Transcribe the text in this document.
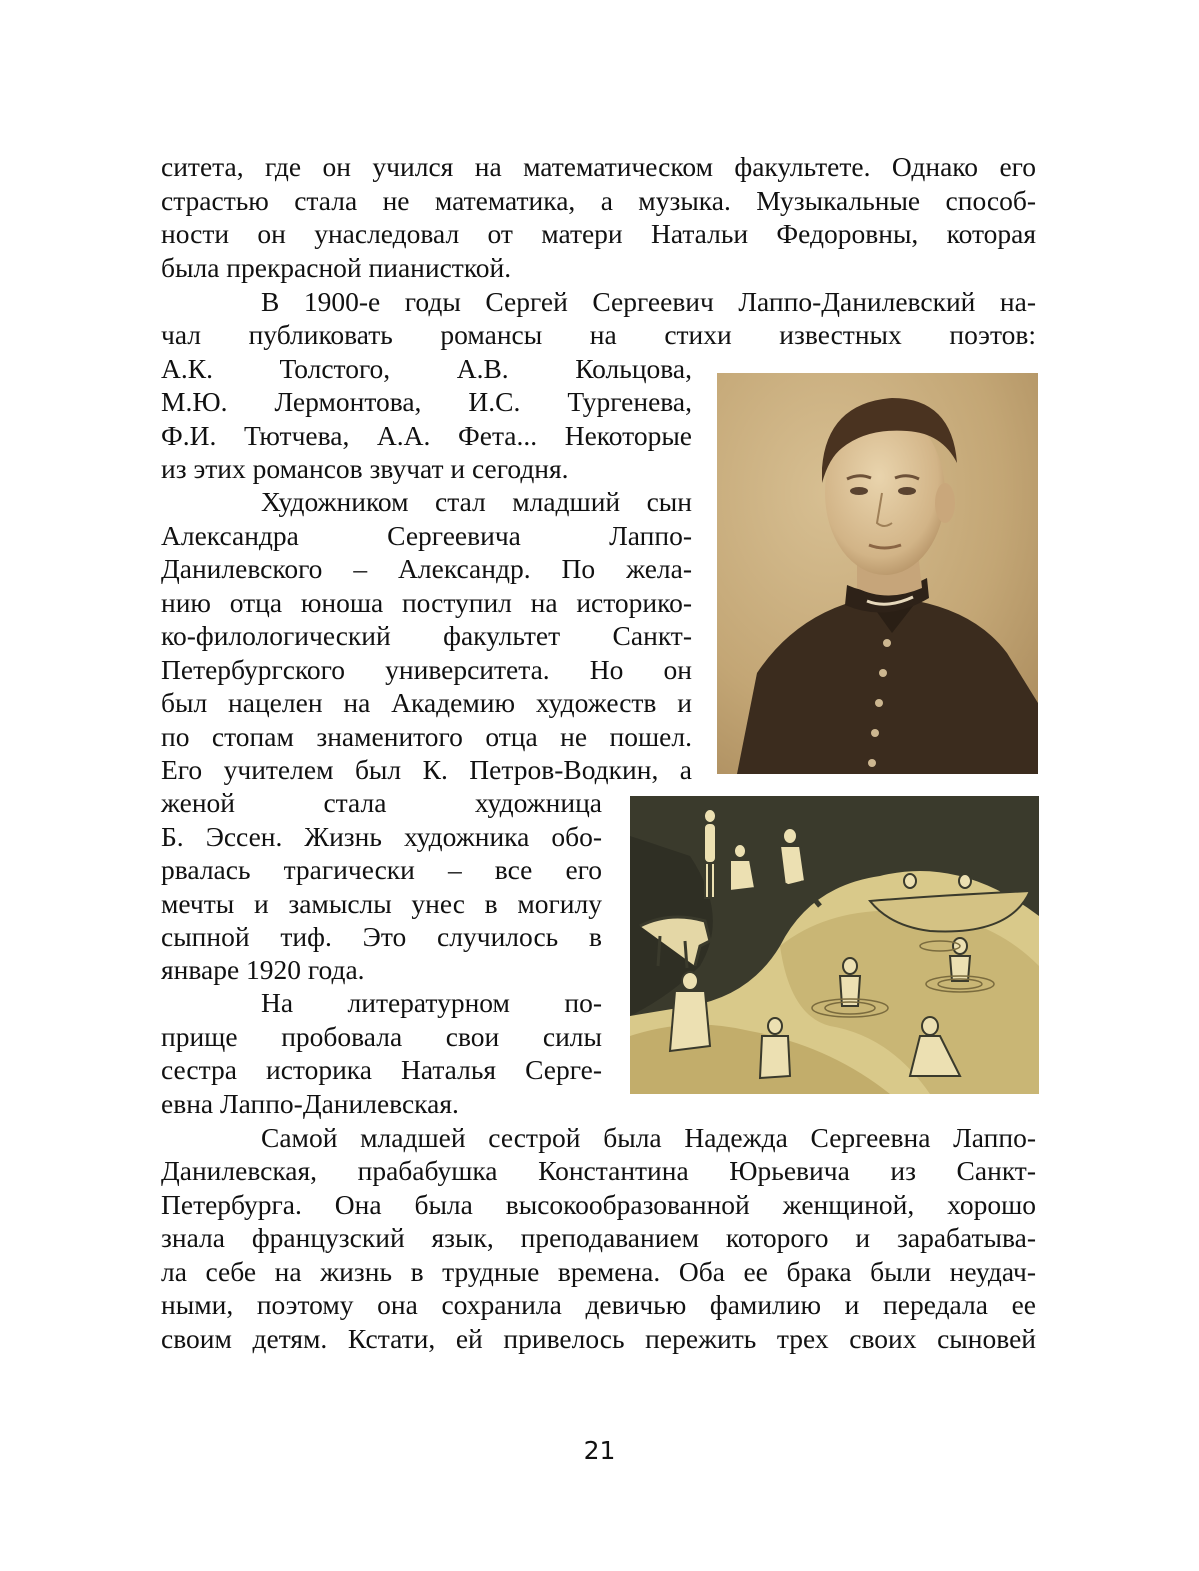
ситета, где он учился на математическом факультете. Однако его
страстью стала не математика, а музыка. Музыкальные способ-
ности он унаследовал от матери Натальи Федоровны, которая
была прекрасной пианисткой.
В 1900-е годы Сергей Сергеевич Лаппо-Данилевский на-
чал публиковать романсы на стихи известных поэтов:
А.К. Толстого, А.В. Кольцова,
М.Ю. Лермонтова, И.С. Тургенева,
Ф.И. Тютчева, А.А. Фета... Некоторые
из этих романсов звучат и сегодня.
Художником стал младший сын
Александра Сергеевича Лаппо-
Данилевского – Александр. По жела-
нию отца юноша поступил на историко-
ко-филологический факультет Санкт-
Петербургского университета. Но он
был нацелен на Академию художеств и
по стопам знаменитого отца не пошел.
Его учителем был К. Петров-Водкин, а
женой стала художница
Б. Эссен. Жизнь художника обо-
рвалась трагически – все его
мечты и замыслы унес в могилу
сыпной тиф. Это случилось в
январе 1920 года.
На литературном по-
прище пробовала свои силы
сестра историка Наталья Серге-
евна Лаппо-Данилевская.
Самой младшей сестрой была Надежда Сергеевна Лаппо-
Данилевская, прабабушка Константина Юрьевича из Санкт-
Петербурга. Она была высокообразованной женщиной, хорошо
знала французский язык, преподаванием которого и зарабатыва-
ла себе на жизнь в трудные времена. Оба ее брака были неудач-
ными, поэтому она сохранила девичью фамилию и передала ее
своим детям. Кстати, ей привелось пережить трех своих сыновей
21
